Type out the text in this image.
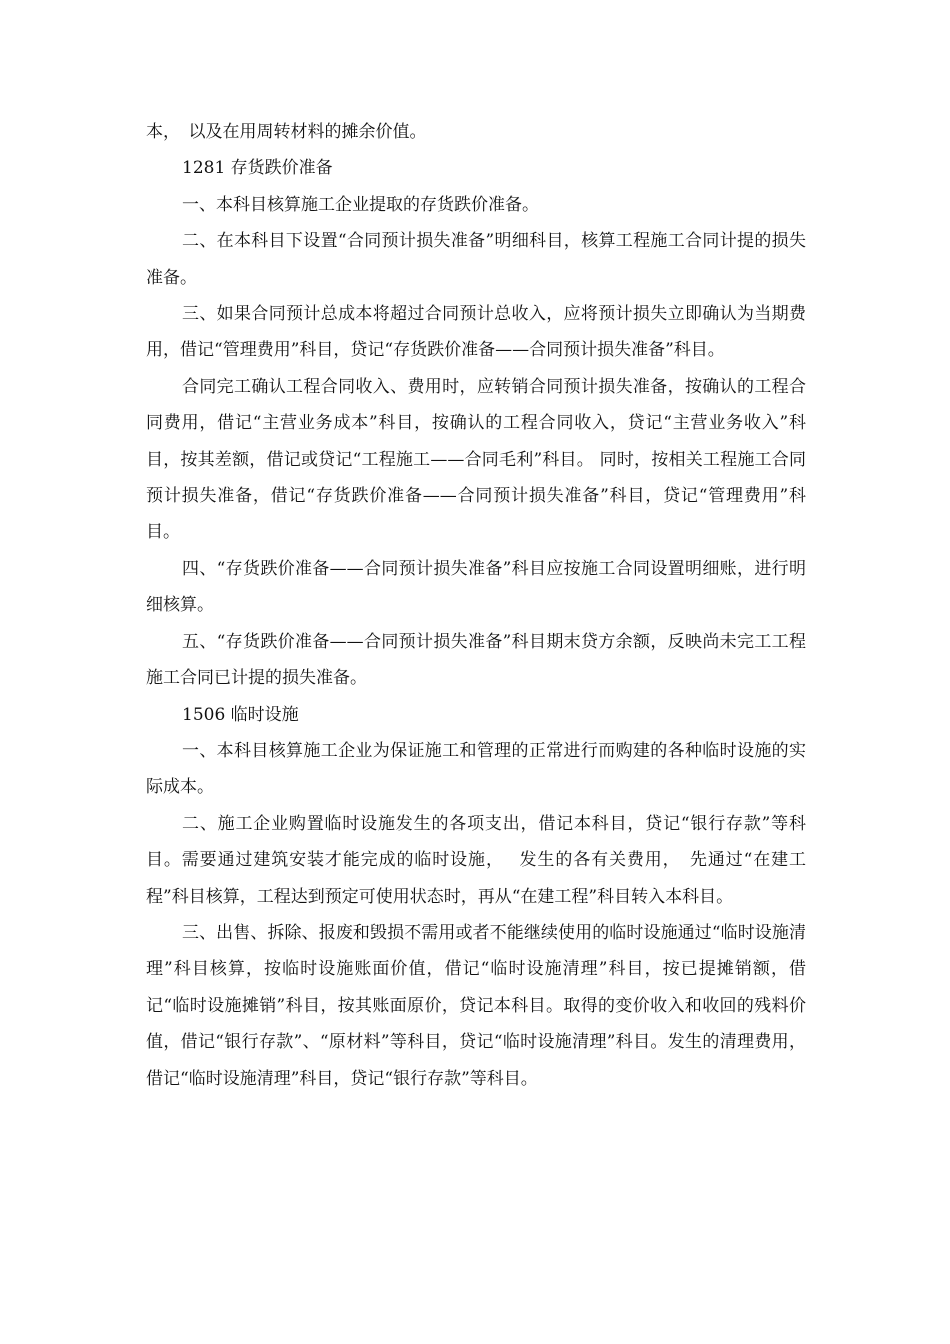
本，　以及在用周转材料的摊余价值。

1281 存货跌价准备

一、本科目核算施工企业提取的存货跌价准备。

二、在本科目下设置“合同预计损失准备”明细科目，核算工程施工合同计提的损失准备。

三、如果合同预计总成本将超过合同预计总收入，应将预计损失立即确认为当期费用，借记“管理费用”科目，贷记“存货跌价准备——合同预计损失准备”科目。

合同完工确认工程合同收入、费用时，应转销合同预计损失准备，按确认的工程合同费用，借记“主营业务成本”科目，按确认的工程合同收入，贷记“主营业务收入”科目，按其差额，借记或贷记“工程施工——合同毛利”科目。 同时，按相关工程施工合同预计损失准备，借记“存货跌价准备——合同预计损失准备”科目，贷记“管理费用”科目。

四、“存货跌价准备——合同预计损失准备”科目应按施工合同设置明细账，进行明细核算。

五、“存货跌价准备——合同预计损失准备”科目期末贷方余额，反映尚未完工工程施工合同已计提的损失准备。

1506 临时设施

一、本科目核算施工企业为保证施工和管理的正常进行而购建的各种临时设施的实际成本。

二、施工企业购置临时设施发生的各项支出，借记本科目，贷记“银行存款”等科目。需要通过建筑安装才能完成的临时设施，　 发生的各有关费用，　先通过“在建工程”科目核算，工程达到预定可使用状态时，再从“在建工程”科目转入本科目。

三、出售、拆除、报废和毁损不需用或者不能继续使用的临时设施通过“临时设施清理”科目核算，按临时设施账面价值，借记“临时设施清理”科目，按已提摊销额，借记“临时设施摊销”科目，按其账面原价，贷记本科目。取得的变价收入和收回的残料价值，借记“银行存款”、“原材料”等科目，贷记“临时设施清理”科目。发生的清理费用，借记“临时设施清理”科目，贷记“银行存款”等科目。
